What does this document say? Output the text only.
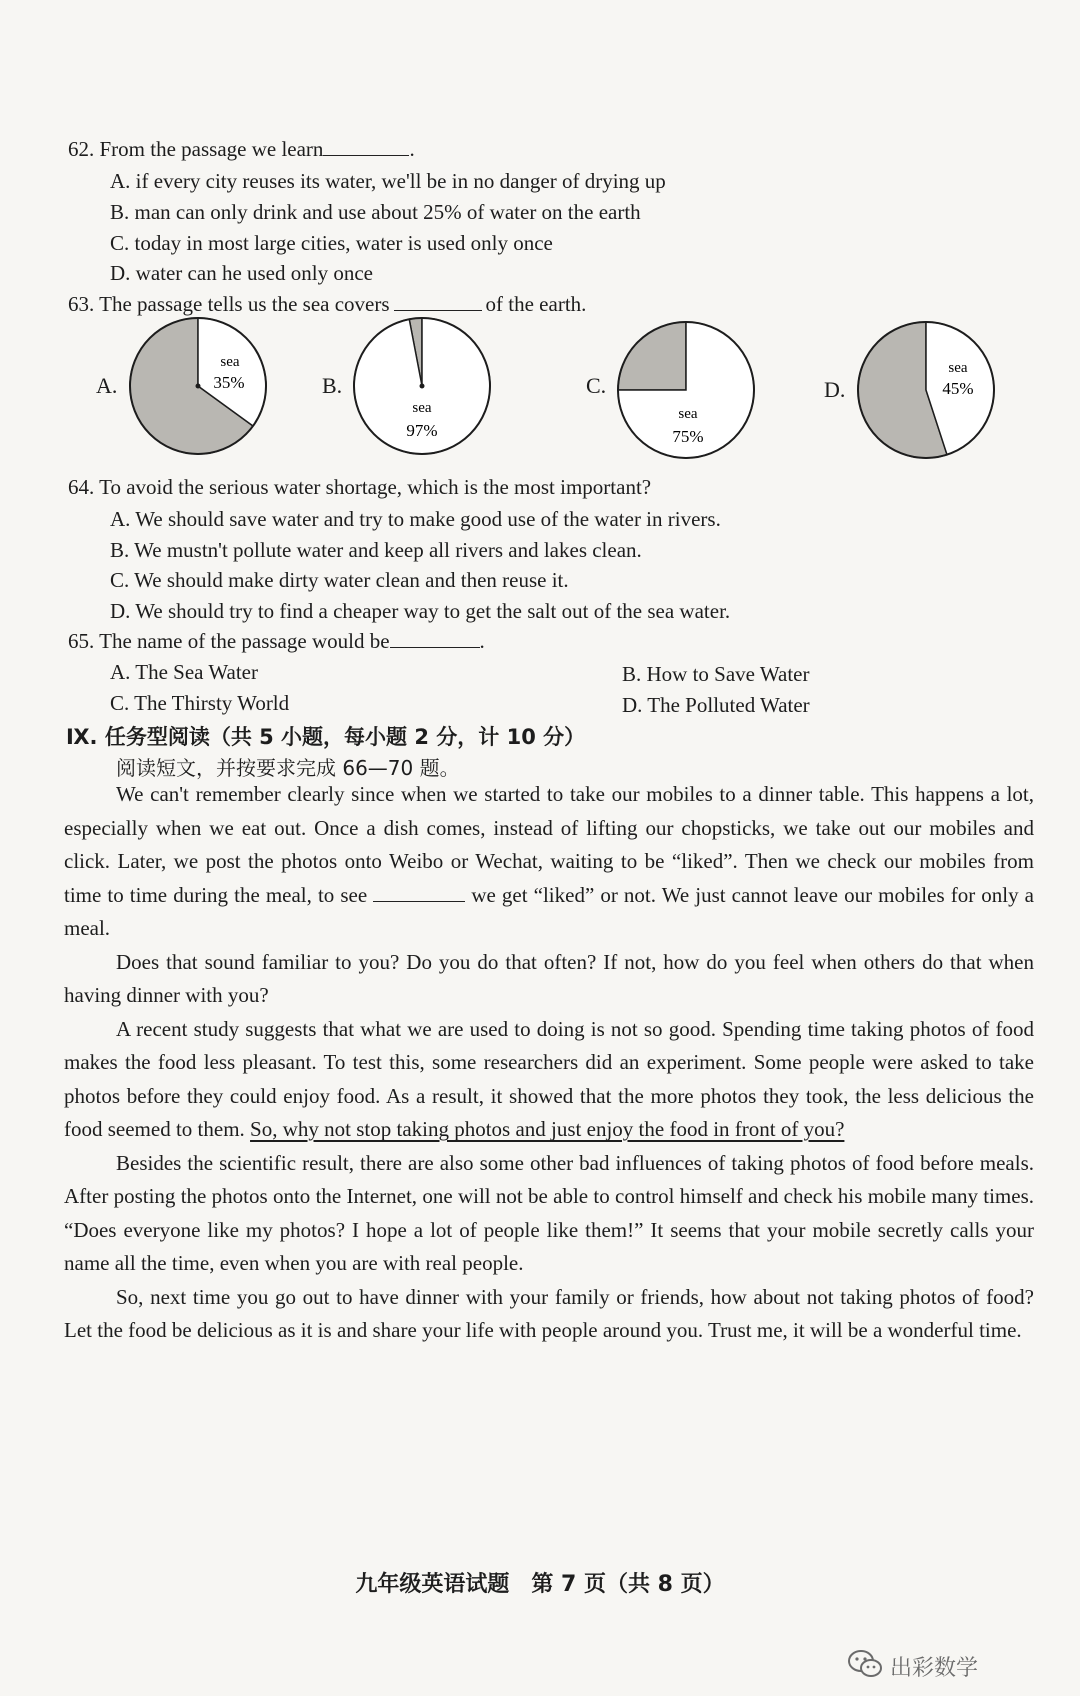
62. From the passage we learn	.
A. if every city reuses its water, we'll be in no danger of drying up
B. man can only drink and use about 25% of water on the earth
C. today in most large cities, water is used only once
D. water can he used only once
63. The passage tells us the sea covers	of the earth.
A.
sea
35%	B.
sea
97%
C.
sea
75%
D.
sea
45%
64. To avoid the serious water shortage, which is the most important?
A. We should save water and try to make good use of the water in rivers.
B. We mustn't pollute water and keep all rivers and lakes clean.
C. We should make dirty water clean and then reuse it.
D. We should try to find a cheaper way to get the salt out of the sea water.
65. The name of the passage would be	.
A. The Sea Water	B. How to Save Water
C. The Thirsty World	D. The Polluted Water
Ⅸ. 任务型阅读（共 5 小题，每小题 2 分，计 10 分）
阅读短文，并按要求完成 66—70 题。

We can't remember clearly since when we started to take our mobiles to a dinner table. This happens a lot, especially when we eat out. Once a dish comes, instead of lifting our chopsticks, we take out our mobiles and click. Later, we post the photos onto Weibo or Wechat, waiting to be “liked”. Then we check our mobiles from time to time during the meal, to see	we get “liked” or not. We just cannot leave our mobiles for only a meal.

Does that sound familiar to you? Do you do that often? If not, how do you feel when others do that when having dinner with you?

A recent study suggests that what we are used to doing is not so good. Spending time taking photos of food makes the food less pleasant. To test this, some researchers did an experiment. Some people were asked to take photos before they could enjoy food. As a result, it showed that the more photos they took, the less delicious the food seemed to them. So, why not stop taking photos and just enjoy the food in front of you?

Besides the scientific result, there are also some other bad influences of taking photos of food before meals. After posting the photos onto the Internet, one will not be able to control himself and check his mobile many times. “Does everyone like my photos? I hope a lot of people like them!” It seems that your mobile secretly calls your name all the time, even when you are with real people.

So, next time you go out to have dinner with your family or friends, how about not taking photos of food? Let the food be delicious as it is and share your life with people around you. Trust me, it will be a wonderful time.

九年级英语试题　第 7 页（共 8 页）
出彩数学
